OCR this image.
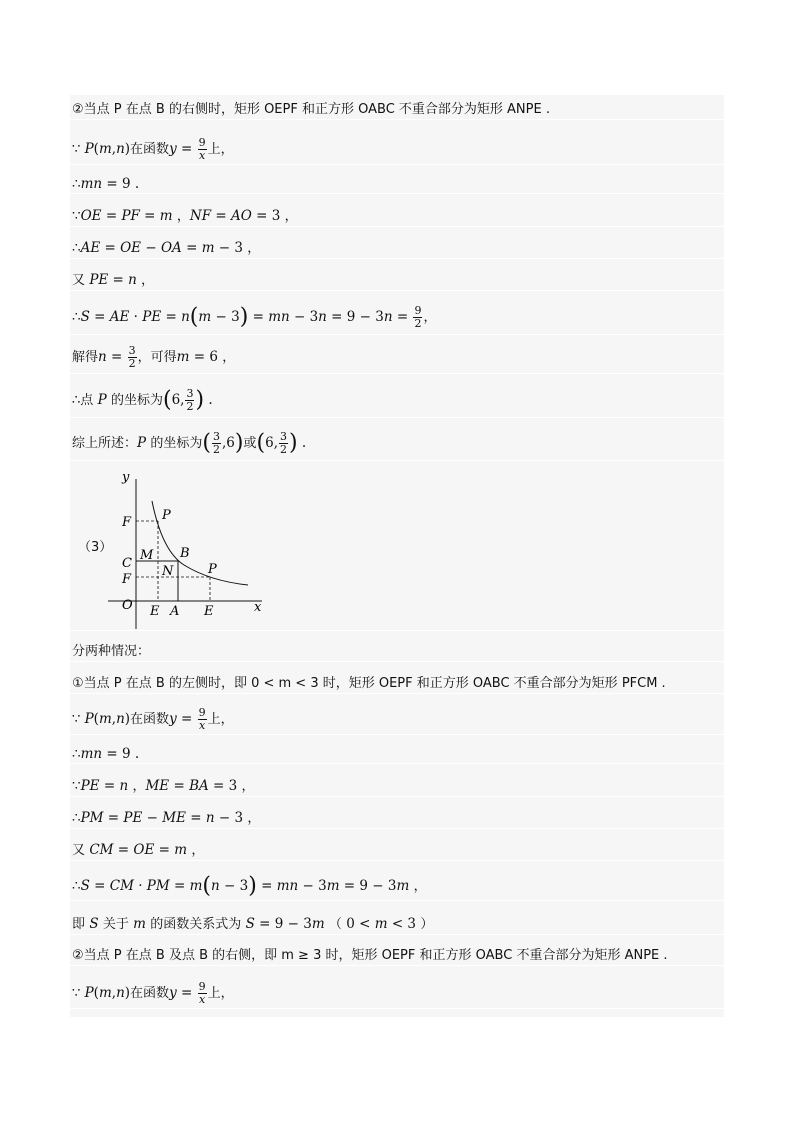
②当点 P 在点 B 的右侧时，矩形 OEPF 和正方形 OABC 不重合部分为矩形 ANPE .
∵ P(m,n)在函数$y = \frac{9}{x}$ 上，
∴mn = 9 .
∵OE = PF = m ，NF = AO = 3 ，
∴AE = OE − OA = m − 3 ，
又 PE = n ，
∴S = AE · PE = n(m − 3) = mn − $3n = 9 - 3n = \frac{9}{2}$ ，
解得$n = \frac{3}{2}$ ，可得m = 6 ，
∴点 P 的坐标为(6, $\frac{3}{2}$ ) .
综上所述：P 的坐标为( $\frac{3}{2} ,6$)或(6, $\frac{3}{2}$ ) .
（3）
y
x
O
F
C
F
M
N
B
P
P
E A E
分两种情况：
①当点 P 在点 B 的左侧时，即 0 < m < 3 时，矩形 OEPF 和正方形 OABC 不重合部分为矩形 PFCM .
∵ P(m,n)在函数$y = \frac{9}{x}$ 上，
∴mn = 9 .
∵PE = n ，ME = BA = 3 ，
∴PM = PE − ME = n − 3 ，
又 CM = OE = m ，
∴S = CM · PM = m(n − 3) = mn − 3m = 9 − 3m ，
即 S 关于 m 的函数关系式为 S = 9 − 3m （ 0 < m < 3 ）
②当点 P 在点 B 及点 B 的右侧，即 m ≥ 3 时，矩形 OEPF 和正方形 OABC 不重合部分为矩形 ANPE .
∵ P(m,n)在函数$y = \frac{9}{x}$ 上，
